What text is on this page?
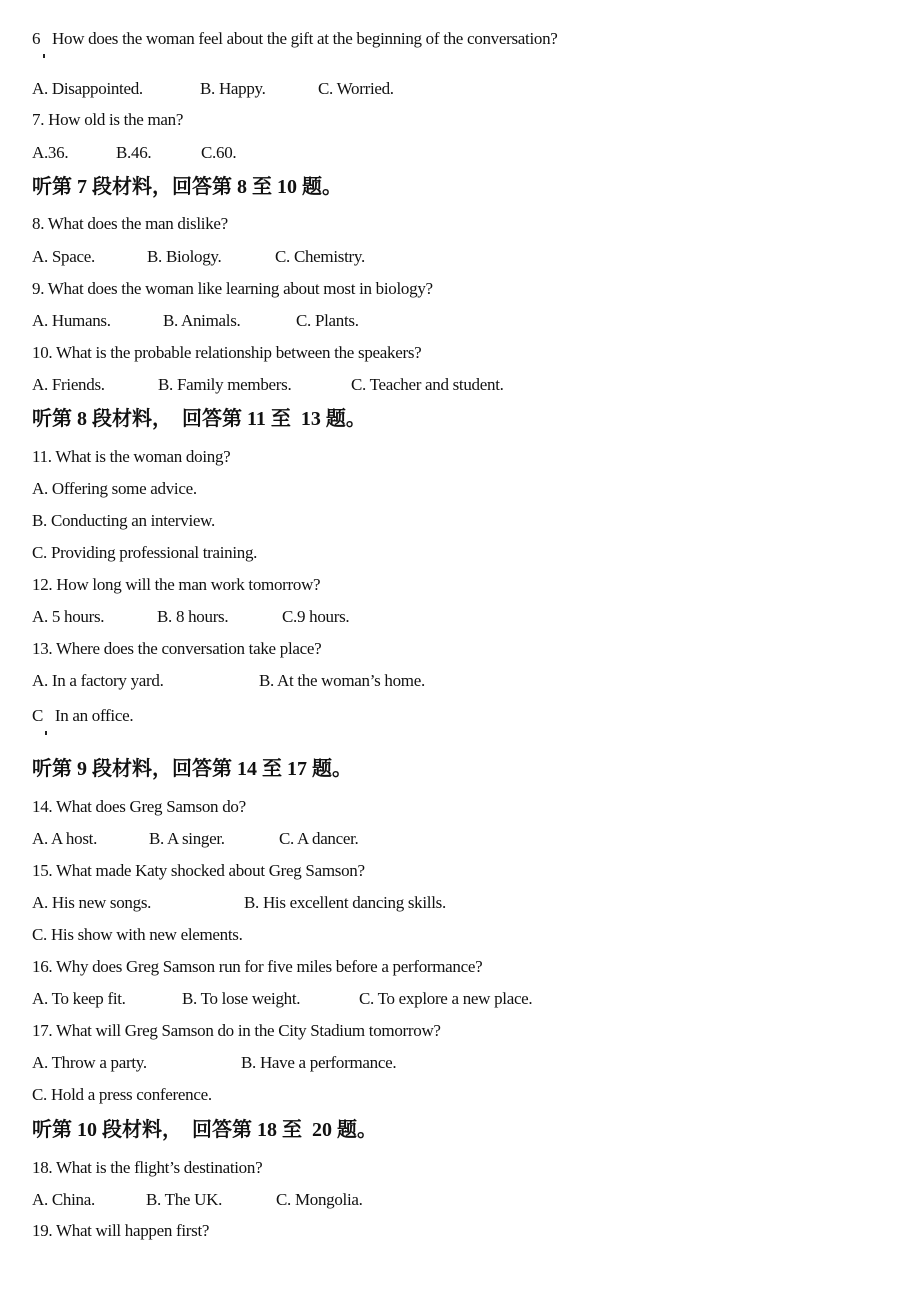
6   How does the woman feel about the gift at the beginning of the conversation?

A. Disappointed.

	B. Happy.

	C. Worried.

7. How old is the man?

A.36.

	B.46.

	C.60.

听第 7 段材料，回答第 8 至 10 题。
8. What does the man dislike?

A. Space.

	B. Biology.

	C. Chemistry.

9. What does the woman like learning about most in biology?

A. Humans.

	B. Animals.

	C. Plants.

10. What is the probable relationship between the speakers?

A. Friends.

	B. Family members.

	C. Teacher and student.

听第 8 段材料，  回答第 11 至  13 题。
11. What is the woman doing?
A. Offering some advice.
B. Conducting an interview.
C. Providing professional training.
12. How long will the man work tomorrow?

A. 5 hours.

	B. 8 hours.

	C.9 hours.

13. Where does the conversation take place?

A. In a factory yard.

	B. At the woman’s home.

C   In an office.
听第 9 段材料，回答第 14 至 17 题。
14. What does Greg Samson do?

A. A host.

	B. A singer.

	C. A dancer.

15. What made Katy shocked about Greg Samson?

A. His new songs.

	B. His excellent dancing skills.

C. His show with new elements.
16. Why does Greg Samson run for five miles before a performance?

A. To keep fit.

	B. To lose weight.

	C. To explore a new place.

17. What will Greg Samson do in the City Stadium tomorrow?

A. Throw a party.

	B. Have a performance.

C. Hold a press conference.
听第 10 段材料，  回答第 18 至  20 题。
18. What is the flight’s destination?

A. China.

	B. The UK.

	C. Mongolia.

19. What will happen first?
